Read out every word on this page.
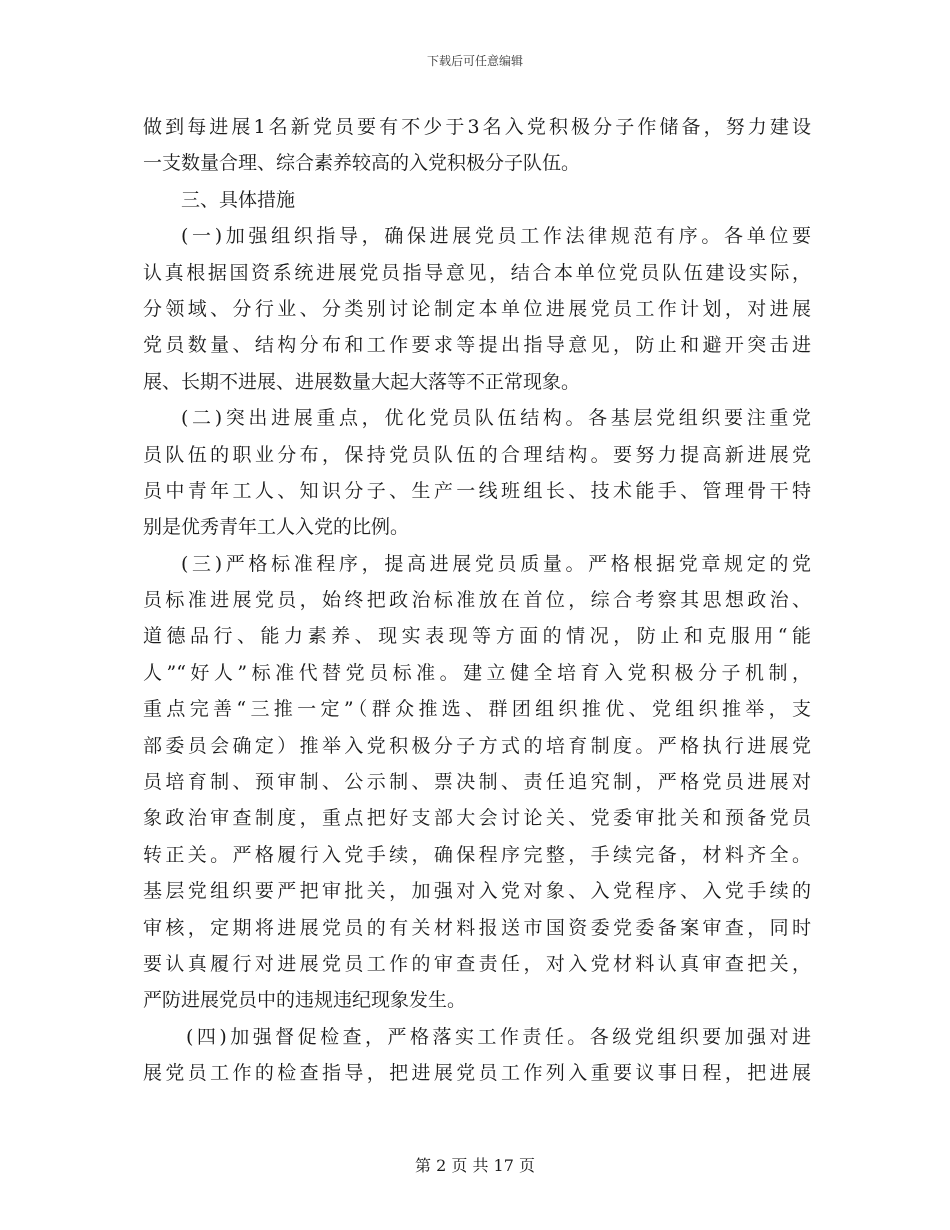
下载后可任意编辑
做到每进展1名新党员要有不少于3名入党积极分子作储备，努力建设
一支数量合理、综合素养较高的入党积极分子队伍。
三、具体措施
(一)加强组织指导，确保进展党员工作法律规范有序。各单位要
认真根据国资系统进展党员指导意见，结合本单位党员队伍建设实际，
分领域、分行业、分类别讨论制定本单位进展党员工作计划，对进展
党员数量、结构分布和工作要求等提出指导意见，防止和避开突击进
展、长期不进展、进展数量大起大落等不正常现象。
(二)突出进展重点，优化党员队伍结构。各基层党组织要注重党
员队伍的职业分布，保持党员队伍的合理结构。要努力提高新进展党
员中青年工人、知识分子、生产一线班组长、技术能手、管理骨干特
别是优秀青年工人入党的比例。
(三)严格标准程序，提高进展党员质量。严格根据党章规定的党
员标准进展党员，始终把政治标准放在首位，综合考察其思想政治、
道德品行、能力素养、现实表现等方面的情况，防止和克服用“能
人”“好人”标准代替党员标准。建立健全培育入党积极分子机制，
重点完善“三推一定”（群众推选、群团组织推优、党组织推举，支
部委员会确定）推举入党积极分子方式的培育制度。严格执行进展党
员培育制、预审制、公示制、票决制、责任追究制，严格党员进展对
象政治审查制度，重点把好支部大会讨论关、党委审批关和预备党员
转正关。严格履行入党手续，确保程序完整，手续完备，材料齐全。
基层党组织要严把审批关，加强对入党对象、入党程序、入党手续的
审核，定期将进展党员的有关材料报送市国资委党委备案审查，同时
要认真履行对进展党员工作的审查责任，对入党材料认真审查把关，
严防进展党员中的违规违纪现象发生。
(四)加强督促检查，严格落实工作责任。各级党组织要加强对进
展党员工作的检查指导，把进展党员工作列入重要议事日程，把进展
第 2 页 共 17 页
